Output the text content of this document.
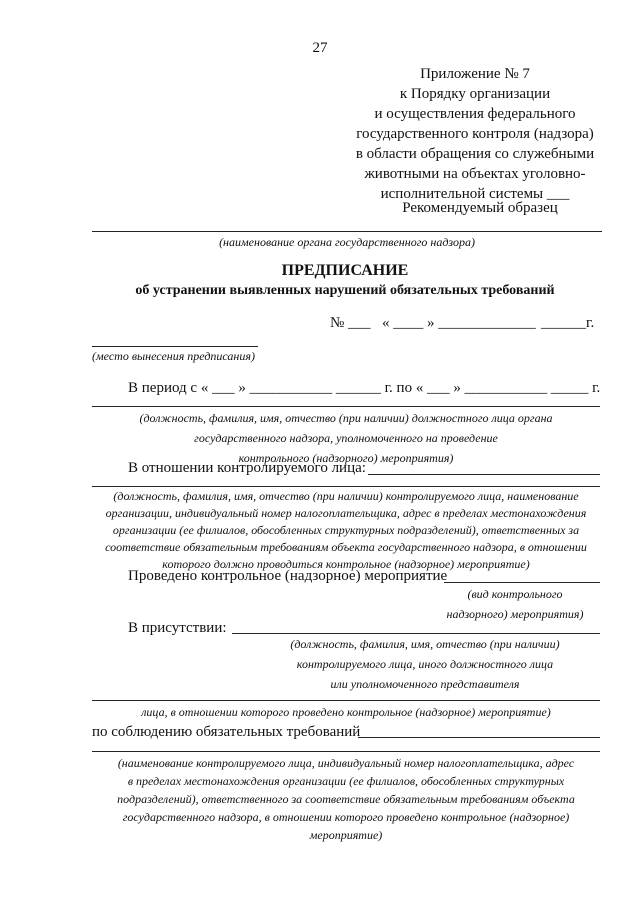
27
Приложение № 7
к Порядку организации
и осуществления федерального
государственного контроля (надзора)
в области обращения со служебными
животными на объектах уголовно-
исполнительной системы ___
Рекомендуемый образец
(наименование органа государственного надзора)
ПРЕДПИСАНИЕ
об устранении выявленных нарушений обязательных требований
№ ___ « ____ » _____________ ______г.
(место вынесения предписания)
В период с « ___ » ___________ ______ г. по « ___ » ___________ _____ г.
(должность, фамилия, имя, отчество (при наличии) должностного лица органа
государственного надзора, уполномоченного на проведение
контрольного (надзорного) мероприятия)
В отношении контролируемого лица:
(должность, фамилия, имя, отчество (при наличии) контролируемого лица, наименование
организации, индивидуальный номер налогоплательщика, адрес в пределах местонахождения
организации (ее филиалов, обособленных структурных подразделений), ответственных за
соответствие обязательным требованиям объекта государственного надзора, в отношении
которого должно проводиться контрольное (надзорное) мероприятие)
Проведено контрольное (надзорное) мероприятие
(вид контрольного
надзорного) мероприятия)
В присутствии:
(должность, фамилия, имя, отчество (при наличии)
контролируемого лица, иного должностного лица
или уполномоченного представителя
лица, в отношении которого проведено контрольное (надзорное) мероприятие)
по соблюдению обязательных требований
(наименование контролируемого лица, индивидуальный номер налогоплательщика, адрес
в пределах местонахождения организации (ее филиалов, обособленных структурных
подразделений), ответственного за соответствие обязательным требованиям объекта
государственного надзора, в отношении которого проведено контрольное (надзорное)
мероприятие)
